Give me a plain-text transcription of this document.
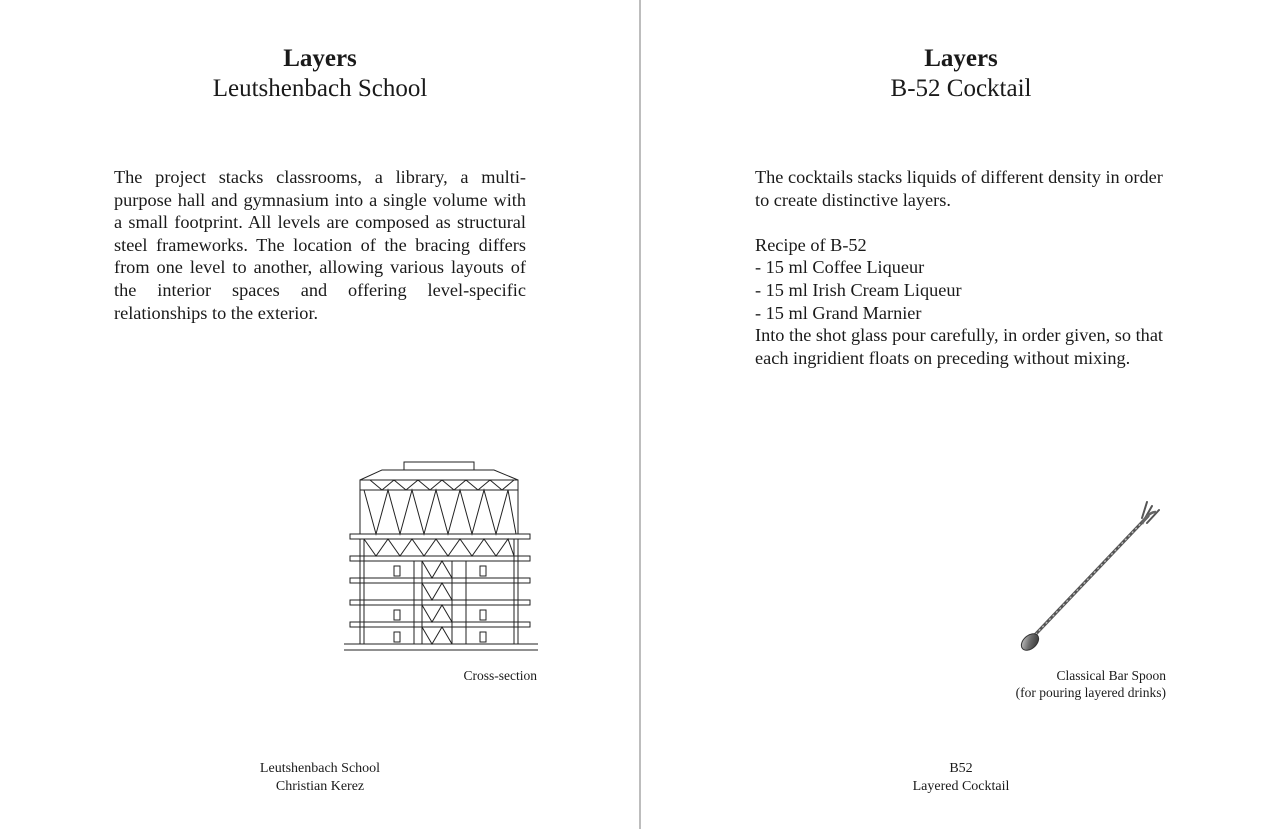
Layers
Leutshenbach School
The project stacks classrooms, a library, a multi-purpose hall and gymnasium into a single volume with a small footprint. All levels are composed as structural steel frameworks. The location of the bracing differs from one level to another, allowing various layouts of the interior spaces and offering level-specific relationships to the exterior.
Cross-section
Leutshenbach School
Christian Kerez
Layers
B-52 Cocktail
The cocktails stacks liquids of different density in order to create distinctive layers.
Recipe of B-52
- 15 ml Coffee Liqueur
- 15 ml Irish Cream Liqueur
- 15 ml Grand Marnier
Into the shot glass pour carefully, in order given, so that each ingridient floats on preceding without mixing.
Classical Bar Spoon
(for pouring layered drinks)
B52
Layered Cocktail
